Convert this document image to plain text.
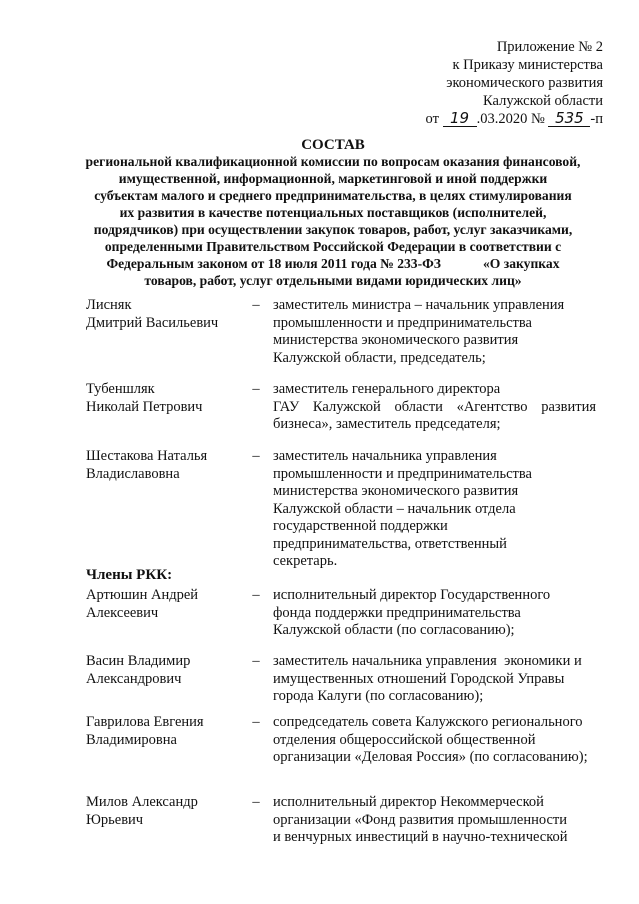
Приложение № 2
к Приказу министерства
экономического развития
Калужской области
от 19 .03.2020 № 535 -п
СОСТАВ
региональной квалификационной комиссии по вопросам оказания финансовой,
имущественной, информационной, маркетинговой и иной поддержки
субъектам малого и среднего предпринимательства, в целях стимулирования
их развития в качестве потенциальных поставщиков (исполнителей,
подрядчиков) при осуществлении закупок товаров, работ, услуг заказчиками,
определенными Правительством Российской Федерации в соответствии с
Федеральным законом от 18 июля 2011 года № 233-ФЗ	«О закупках
товаров, работ, услуг отдельными видами юридических лиц»
Лисняк
Дмитрий Васильевич
– заместитель министра – начальник управления
промышленности и предпринимательства
министерства экономического развития
Калужской области, председатель;
Тубеншляк
Николай Петрович
– заместитель генерального директора
ГАУ Калужской области «Агентство развития
бизнеса», заместитель председателя;
Шестакова Наталья
Владиславовна
– заместитель начальника управления
промышленности и предпринимательства
министерства экономического развития
Калужской области – начальник отдела
государственной поддержки
предпринимательства, ответственный
секретарь.
Члены РКК:
Артюшин Андрей
Алексеевич
– исполнительный директор Государственного
фонда поддержки предпринимательства
Калужской области (по согласованию);
Васин Владимир
Александрович
– заместитель начальника управления  экономики и
имущественных отношений Городской Управы
города Калуги (по согласованию);
Гаврилова Евгения
Владимировна
– сопредседатель совета Калужского регионального
отделения общероссийской общественной
организации «Деловая Россия» (по согласованию);
Милов Александр
Юрьевич
– исполнительный директор Некоммерческой
организации «Фонд развития промышленности
и венчурных инвестиций в научно-технической
